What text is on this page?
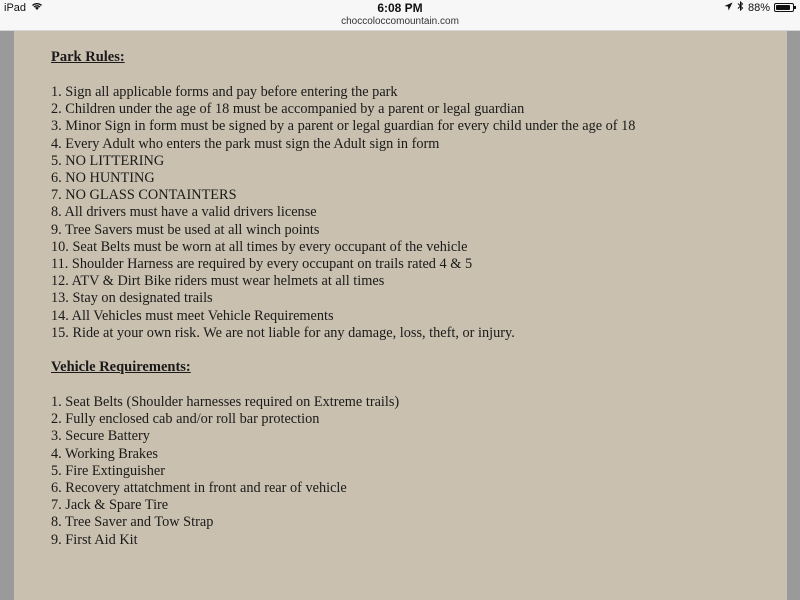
iPad	6:08 PM	88%
choccoloccomountain.com
Park Rules:
1. Sign all applicable forms and pay before entering the park
2. Children under the age of 18 must be accompanied by a parent or legal guardian
3. Minor Sign in form must be signed by a parent or legal guardian for every child under the age of 18
4. Every Adult who enters the park must sign the Adult sign in form
5. NO LITTERING
6. NO HUNTING
7. NO GLASS CONTAINTERS
8. All drivers must have a valid drivers license
9. Tree Savers must be used at all winch points
10. Seat Belts must be worn at all times by every occupant of the vehicle
11. Shoulder Harness are required by every occupant on trails rated 4 & 5
12. ATV & Dirt Bike riders must wear helmets at all times
13. Stay on designated trails
14. All Vehicles must meet Vehicle Requirements
15. Ride at your own risk. We are not liable for any damage, loss, theft, or injury.
Vehicle Requirements:
1. Seat Belts (Shoulder harnesses required on Extreme trails)
2. Fully enclosed cab and/or roll bar protection
3. Secure Battery
4. Working Brakes
5. Fire Extinguisher
6. Recovery attatchment in front and rear of vehicle
7. Jack & Spare Tire
8. Tree Saver and Tow Strap
9. First Aid Kit
